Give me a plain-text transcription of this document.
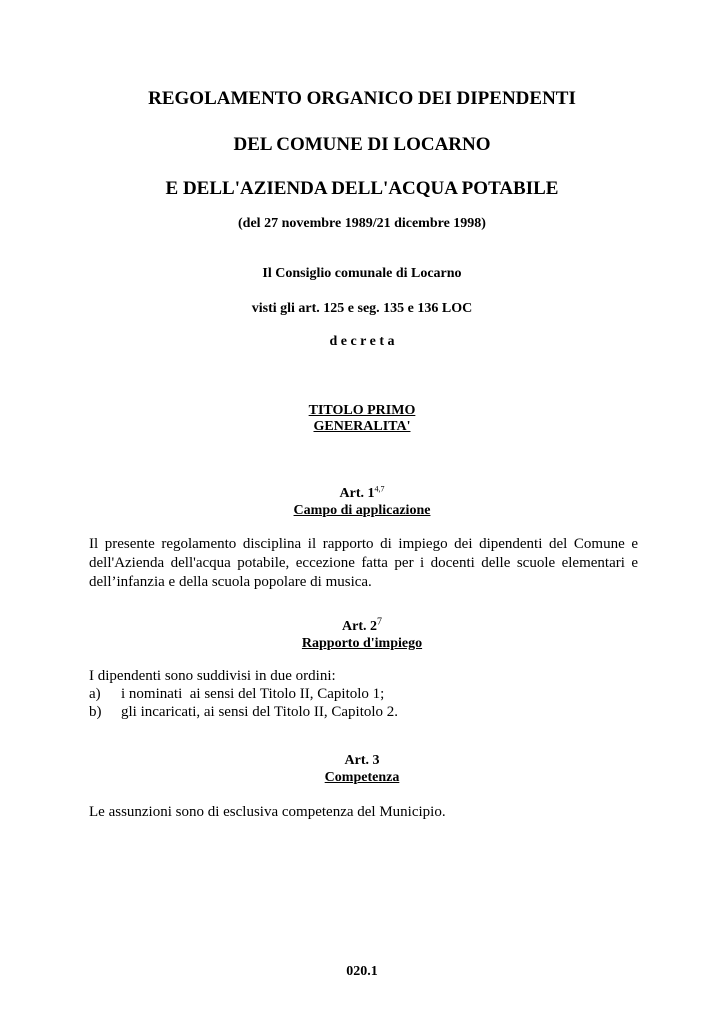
REGOLAMENTO ORGANICO DEI DIPENDENTI
DEL COMUNE DI LOCARNO
E DELL'AZIENDA DELL'ACQUA POTABILE
(del 27 novembre 1989/21 dicembre 1998)
Il Consiglio comunale di Locarno
visti gli art. 125 e seg. 135 e 136 LOC
d e c r e t a
TITOLO PRIMO
GENERALITA'
Art. 1$^{4,7}$
Campo di applicazione
Il presente regolamento disciplina il rapporto di impiego dei dipendenti del Comune e dell'Azienda dell'acqua potabile, eccezione fatta per i docenti delle scuole elementari e dell’infanzia e della scuola popolare di musica.
Art. $2^7$
Rapporto d'impiego
I dipendenti sono suddivisi in due ordini:
a) i nominati  ai sensi del Titolo II, Capitolo 1;
b) gli incaricati, ai sensi del Titolo II, Capitolo 2.
Art. 3
Competenza
Le assunzioni sono di esclusiva competenza del Municipio.
020.1
